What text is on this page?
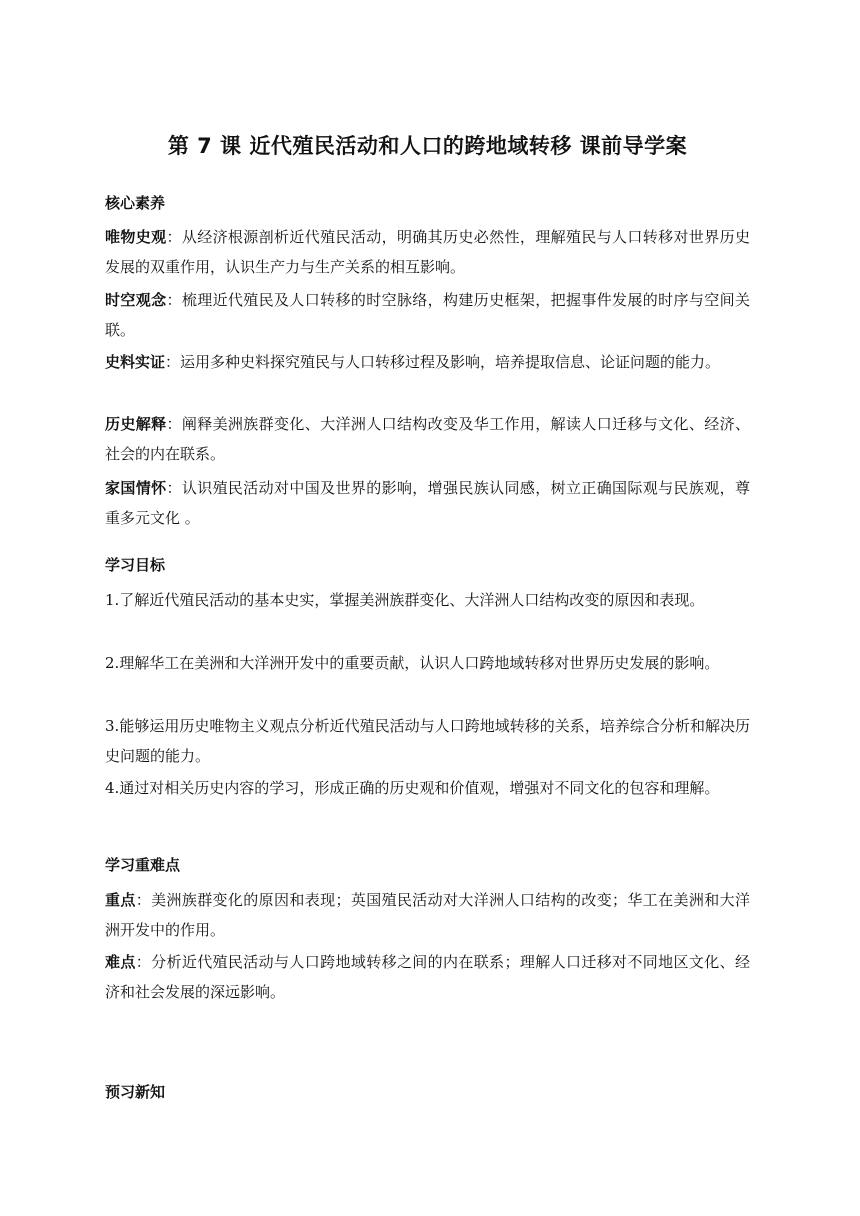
第 7 课 近代殖民活动和人口的跨地域转移 课前导学案
核心素养

唯物史观：从经济根源剖析近代殖民活动，明确其历史必然性，理解殖民与人口转移对世界历史发展的双重作用，认识生产力与生产关系的相互影响。

时空观念：梳理近代殖民及人口转移的时空脉络，构建历史框架，把握事件发展的时序与空间关联。

史料实证：运用多种史料探究殖民与人口转移过程及影响，培养提取信息、论证问题的能力。

历史解释：阐释美洲族群变化、大洋洲人口结构改变及华工作用，解读人口迁移与文化、经济、社会的内在联系。

家国情怀：认识殖民活动对中国及世界的影响，增强民族认同感，树立正确国际观与民族观，尊重多元文化 。

学习目标

1.了解近代殖民活动的基本史实，掌握美洲族群变化、大洋洲人口结构改变的原因和表现。

2.理解华工在美洲和大洋洲开发中的重要贡献，认识人口跨地域转移对世界历史发展的影响。

3.能够运用历史唯物主义观点分析近代殖民活动与人口跨地域转移的关系，培养综合分析和解决历史问题的能力。

4.通过对相关历史内容的学习，形成正确的历史观和价值观，增强对不同文化的包容和理解。

学习重难点

重点：美洲族群变化的原因和表现；英国殖民活动对大洋洲人口结构的改变；华工在美洲和大洋洲开发中的作用。

难点：分析近代殖民活动与人口跨地域转移之间的内在联系；理解人口迁移对不同地区文化、经济和社会发展的深远影响。

预习新知
